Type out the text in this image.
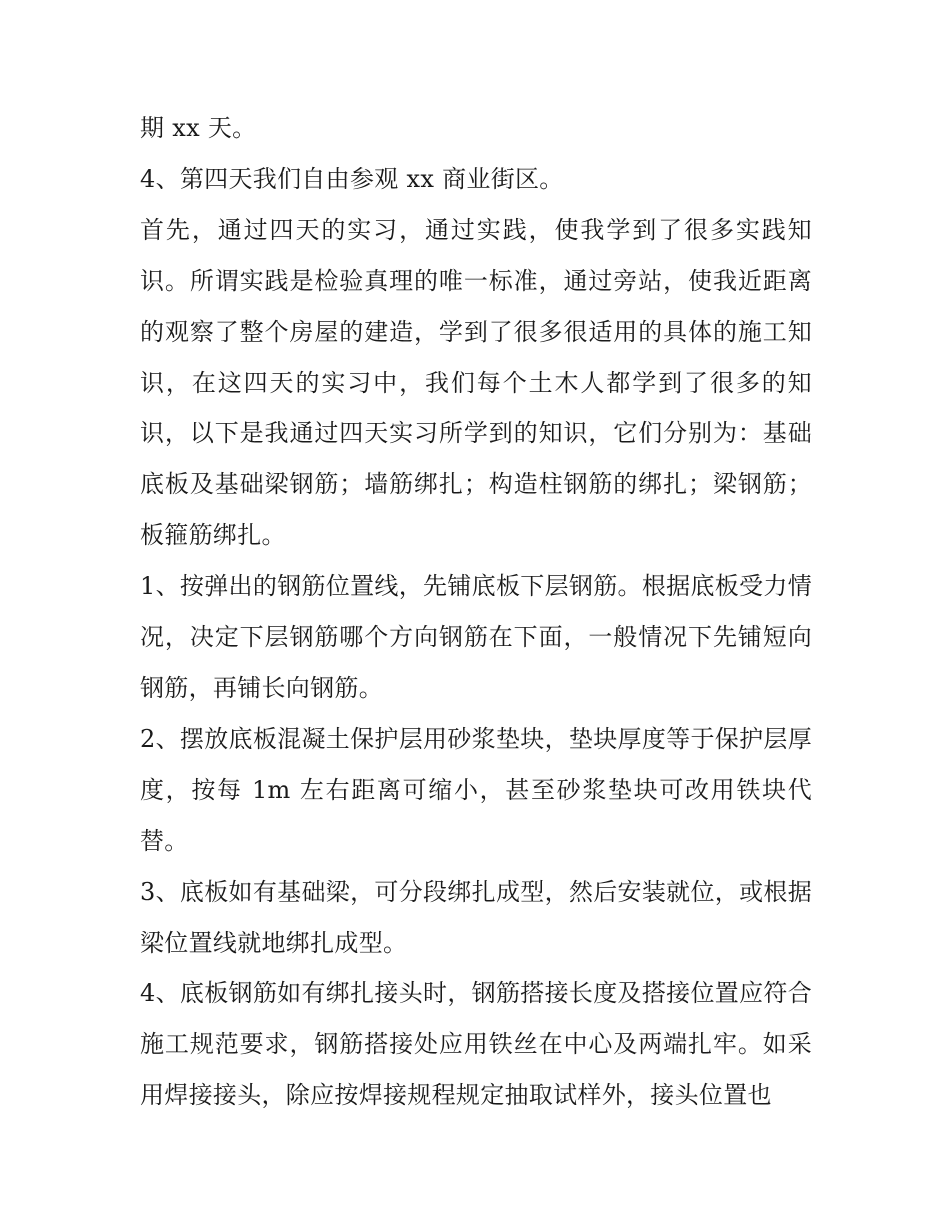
期 xx 天。

4、第四天我们自由参观 xx 商业街区。

首先，通过四天的实习，通过实践，使我学到了很多实践知识。所谓实践是检验真理的唯一标准，通过旁站，使我近距离的观察了整个房屋的建造，学到了很多很适用的具体的施工知识，在这四天的实习中，我们每个土木人都学到了很多的知识，以下是我通过四天实习所学到的知识，它们分别为：基础底板及基础梁钢筋；墙筋绑扎；构造柱钢筋的绑扎；梁钢筋；板箍筋绑扎。

1、按弹出的钢筋位置线，先铺底板下层钢筋。根据底板受力情况，决定下层钢筋哪个方向钢筋在下面，一般情况下先铺短向钢筋，再铺长向钢筋。

2、摆放底板混凝土保护层用砂浆垫块，垫块厚度等于保护层厚度，按每 1m 左右距离可缩小，甚至砂浆垫块可改用铁块代替。

3、底板如有基础梁，可分段绑扎成型，然后安装就位，或根据梁位置线就地绑扎成型。

4、底板钢筋如有绑扎接头时，钢筋搭接长度及搭接位置应符合施工规范要求，钢筋搭接处应用铁丝在中心及两端扎牢。如采用焊接接头，除应按焊接规程规定抽取试样外，接头位置也
